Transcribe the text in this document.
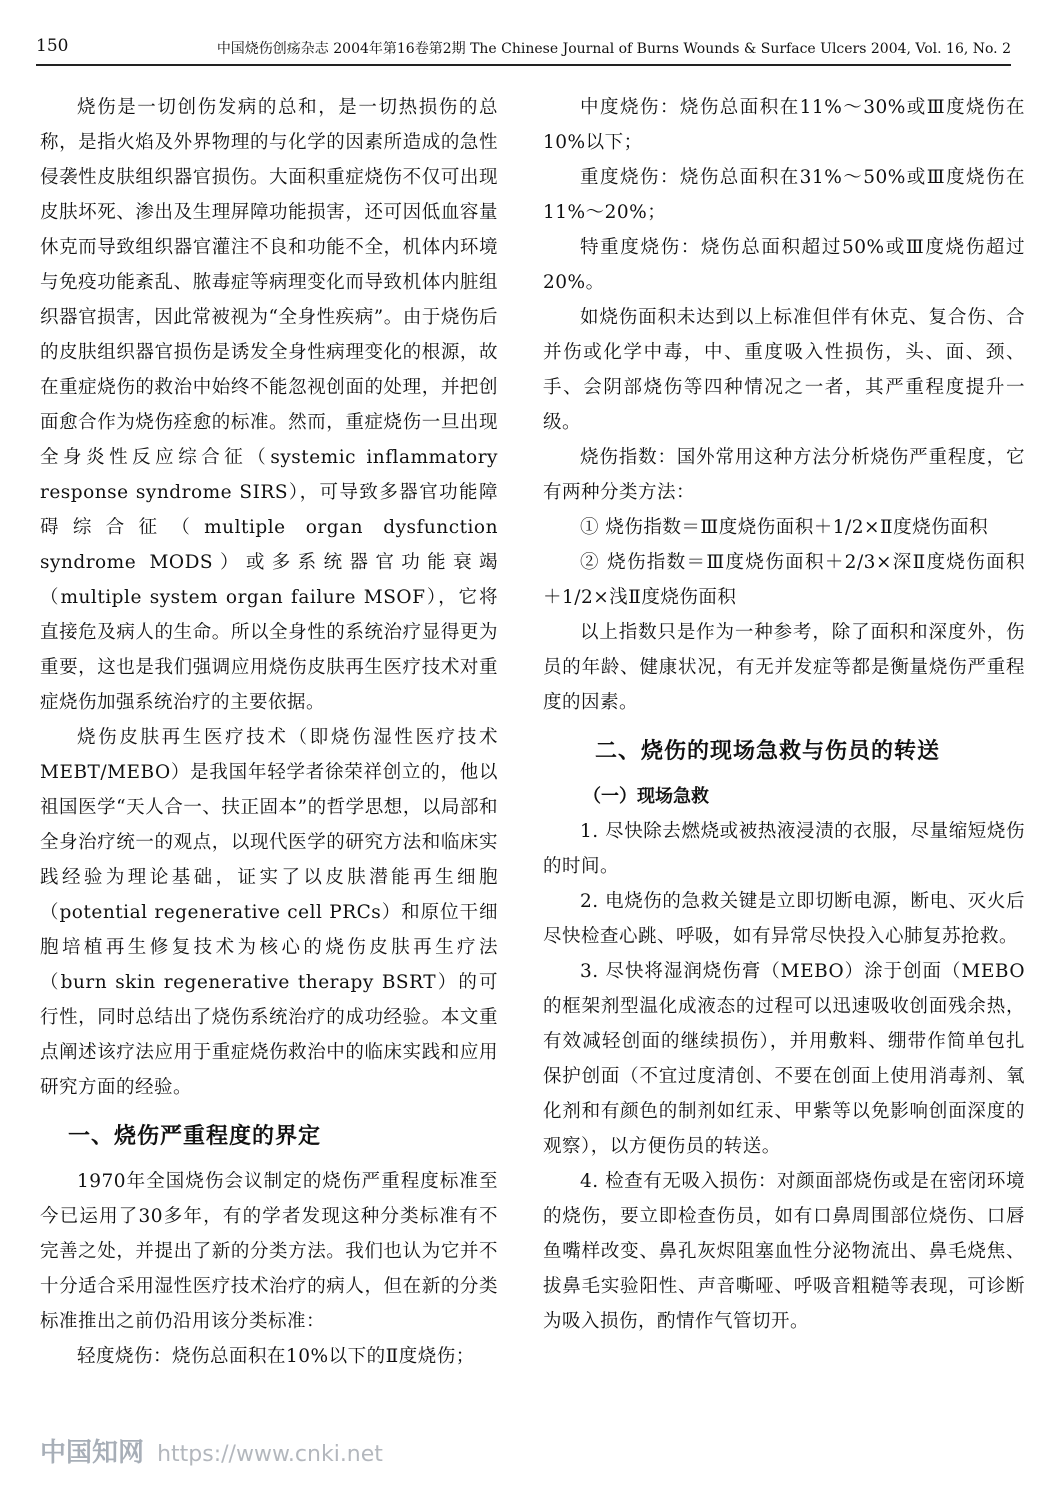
150	中国烧伤创疡杂志 2004年第16卷第2期 The Chinese Journal of Burns Wounds & Surface Ulcers 2004, Vol. 16, No. 2

烧伤是一切创伤发病的总和，是一切热损伤的总称，是指火焰及外界物理的与化学的因素所造成的急性侵袭性皮肤组织器官损伤。大面积重症烧伤不仅可出现皮肤坏死、渗出及生理屏障功能损害，还可因低血容量休克而导致组织器官灌注不良和功能不全，机体内环境与免疫功能紊乱、脓毒症等病理变化而导致机体内脏组织器官损害，因此常被视为“全身性疾病”。由于烧伤后的皮肤组织器官损伤是诱发全身性病理变化的根源，故在重症烧伤的救治中始终不能忽视创面的处理，并把创面愈合作为烧伤痊愈的标准。然而，重症烧伤一旦出现全身炎性反应综合征（systemic inflammatory response syndrome SIRS），可导致多器官功能障碍综合征（multiple organ dysfunction syndrome MODS）或多系统器官功能衰竭（multiple system organ failure MSOF），它将直接危及病人的生命。所以全身性的系统治疗显得更为重要，这也是我们强调应用烧伤皮肤再生医疗技术对重症烧伤加强系统治疗的主要依据。

烧伤皮肤再生医疗技术（即烧伤湿性医疗技术MEBT/MEBO）是我国年轻学者徐荣祥创立的，他以祖国医学“天人合一、扶正固本”的哲学思想，以局部和全身治疗统一的观点，以现代医学的研究方法和临床实践经验为理论基础，证实了以皮肤潜能再生细胞（potential regenerative cell PRCs）和原位干细胞培植再生修复技术为核心的烧伤皮肤再生疗法（burn skin regenerative therapy BSRT）的可行性，同时总结出了烧伤系统治疗的成功经验。本文重点阐述该疗法应用于重症烧伤救治中的临床实践和应用研究方面的经验。

一、烧伤严重程度的界定

1970年全国烧伤会议制定的烧伤严重程度标准至今已运用了30多年，有的学者发现这种分类标准有不完善之处，并提出了新的分类方法。我们也认为它并不十分适合采用湿性医疗技术治疗的病人，但在新的分类标准推出之前仍沿用该分类标准：

轻度烧伤：烧伤总面积在10%以下的Ⅱ度烧伤；

中度烧伤：烧伤总面积在11%～30%或Ⅲ度烧伤在10%以下；

重度烧伤：烧伤总面积在31%～50%或Ⅲ度烧伤在11%～20%；

特重度烧伤：烧伤总面积超过50%或Ⅲ度烧伤超过20%。

如烧伤面积未达到以上标准但伴有休克、复合伤、合并伤或化学中毒，中、重度吸入性损伤，头、面、颈、手、会阴部烧伤等四种情况之一者，其严重程度提升一级。

烧伤指数：国外常用这种方法分析烧伤严重程度，它有两种分类方法：

① 烧伤指数＝Ⅲ度烧伤面积＋1/2×Ⅱ度烧伤面积

② 烧伤指数＝Ⅲ度烧伤面积＋2/3×深Ⅱ度烧伤面积＋1/2×浅Ⅱ度烧伤面积

以上指数只是作为一种参考，除了面积和深度外，伤员的年龄、健康状况，有无并发症等都是衡量烧伤严重程度的因素。

二、烧伤的现场急救与伤员的转送
（一）现场急救

1. 尽快除去燃烧或被热液浸渍的衣服，尽量缩短烧伤的时间。

2. 电烧伤的急救关键是立即切断电源，断电、灭火后尽快检查心跳、呼吸，如有异常尽快投入心肺复苏抢救。

3. 尽快将湿润烧伤膏（MEBO）涂于创面（MEBO的框架剂型温化成液态的过程可以迅速吸收创面残余热，有效减轻创面的继续损伤），并用敷料、绷带作简单包扎保护创面（不宜过度清创、不要在创面上使用消毒剂、氧化剂和有颜色的制剂如红汞、甲紫等以免影响创面深度的观察），以方便伤员的转送。

4. 检查有无吸入损伤：对颜面部烧伤或是在密闭环境的烧伤，要立即检查伤员，如有口鼻周围部位烧伤、口唇鱼嘴样改变、鼻孔灰烬阻塞血性分泌物流出、鼻毛烧焦、拔鼻毛实验阳性、声音嘶哑、呼吸音粗糙等表现，可诊断为吸入损伤，酌情作气管切开。

中国知网 https://www.cnki.net
